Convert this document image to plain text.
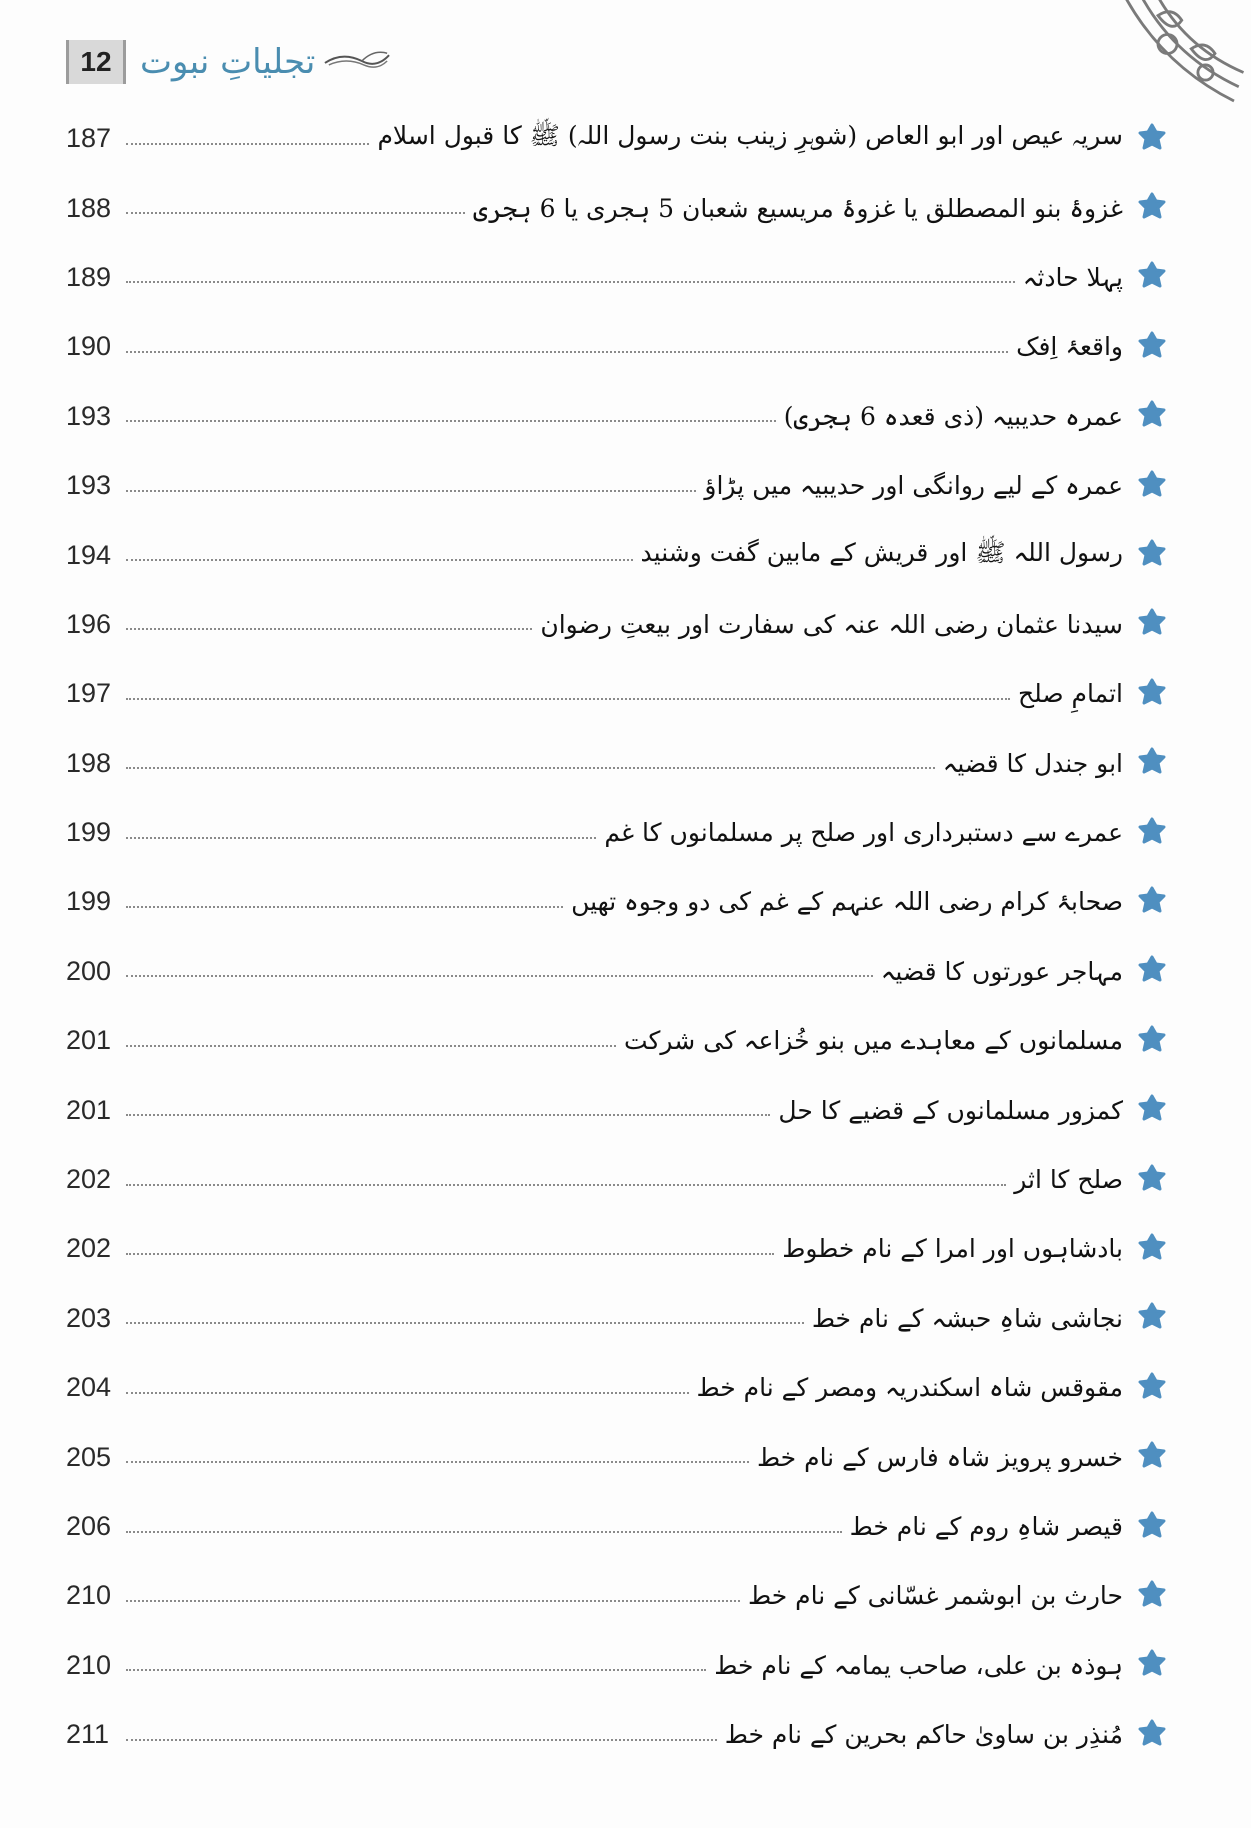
12 تجلیاتِ نبوت
187	سریہ عیص اور ابو العاص (شوہرِ زینب بنت رسول اللہ) ﷺ کا قبول اسلام
188	غزوۂ بنو المصطلق یا غزوۂ مریسیع شعبان 5 ہجری یا 6 ہجری
189	پہلا حادثہ
190	واقعۂ اِفک
193	عمرہ حدیبیہ (ذی قعدہ 6 ہجری)
193	عمرہ کے لیے روانگی اور حدیبیہ میں پڑاؤ
194	رسول اللہ ﷺ اور قریش کے مابین گفت وشنید
196	سیدنا عثمان رضی اللہ عنہ کی سفارت اور بیعتِ رضوان
197	اتمامِ صلح
198	ابو جندل کا قضیہ
199	عمرے سے دستبرداری اور صلح پر مسلمانوں کا غم
199	صحابۂ کرام رضی اللہ عنہم کے غم کی دو وجوہ تھیں
200	مہاجر عورتوں کا قضیہ
201	مسلمانوں کے معاہدے میں بنو خُزاعہ کی شرکت
201	کمزور مسلمانوں کے قضیے کا حل
202	صلح کا اثر
202	بادشاہوں اور امرا کے نام خطوط
203	نجاشی شاہِ حبشہ کے نام خط
204	مقوقس شاہ اسکندریہ ومصر کے نام خط
205	خسرو پرویز شاہ فارس کے نام خط
206	قیصر شاہِ روم کے نام خط
210	حارث بن ابوشمر غسّانی کے نام خط
210	ہوذہ بن علی، صاحب یمامہ کے نام خط
211	مُنذِر بن ساویٰ حاکم بحرین کے نام خط
